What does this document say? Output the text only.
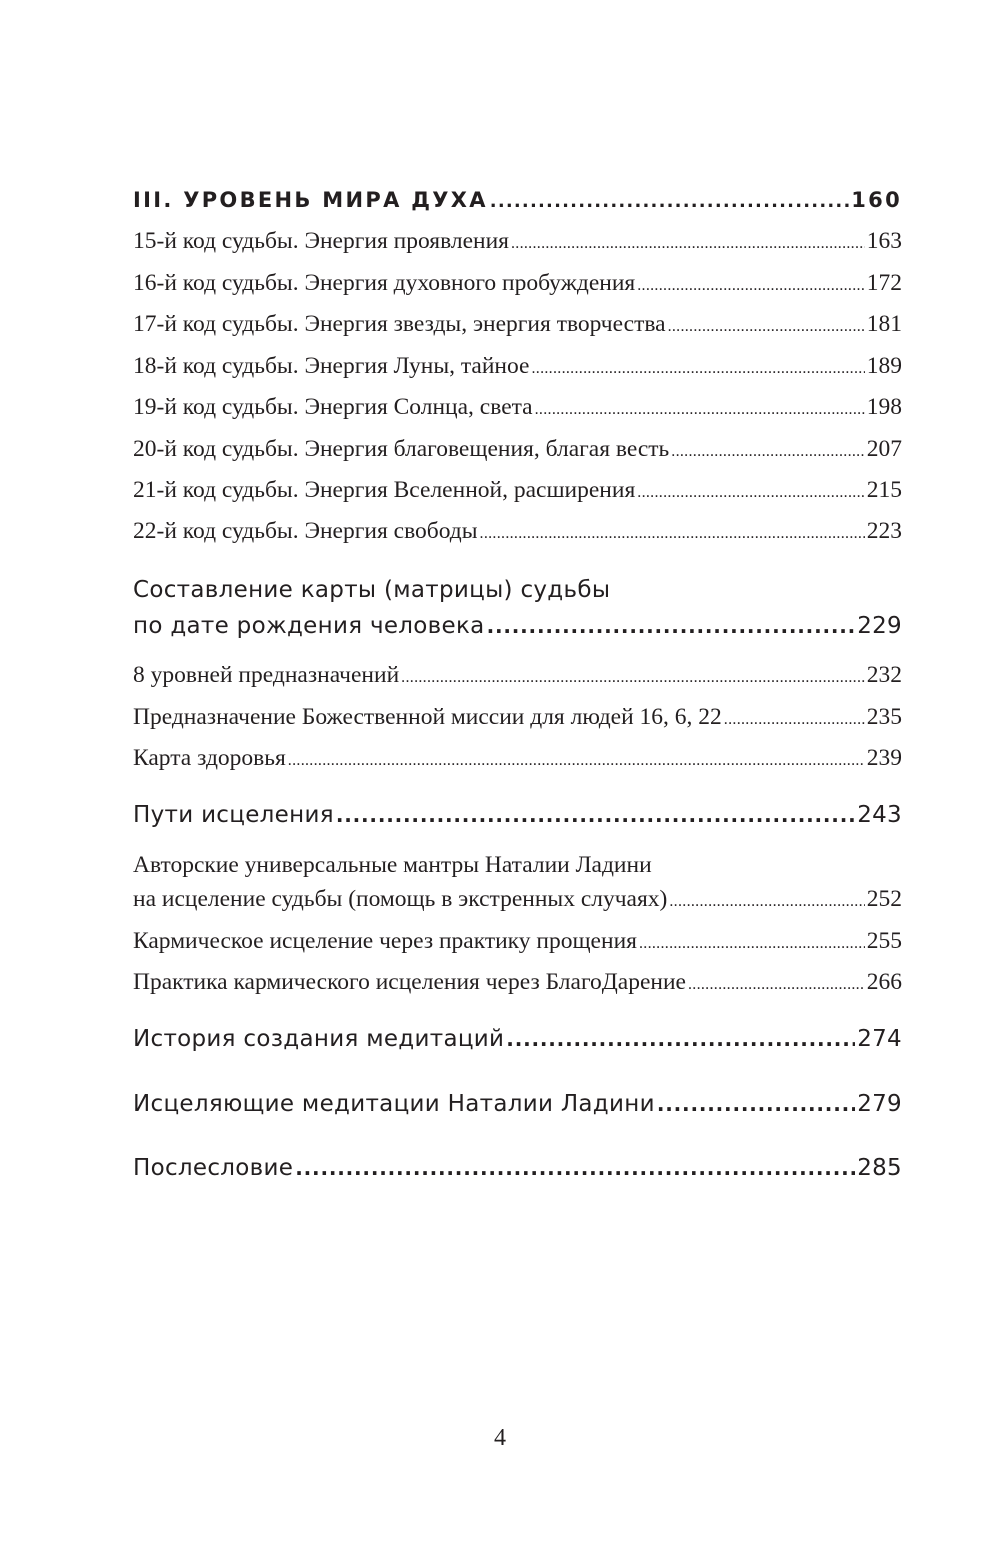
III. УРОВЕНЬ МИРА ДУХА .....	160
15-й код судьбы. Энергия проявления .....	163
16-й код судьбы. Энергия духовного пробуждения .....	172
17-й код судьбы. Энергия звезды, энергия творчества .....	181
18-й код судьбы. Энергия Луны, тайное .....	189
19-й код судьбы. Энергия Солнца, света .....	198
20-й код судьбы. Энергия благовещения, благая весть .....	207
21-й код судьбы. Энергия Вселенной, расширения .....	215
22-й код судьбы. Энергия свободы .....	223
Составление карты (матрицы) судьбы
по дате рождения человека .....	229
8 уровней предназначений .....	232
Предназначение Божественной миссии для людей 16, 6, 22 .....	235
Карта здоровья .....	239
Пути исцеления .....	243
Авторские универсальные мантры Наталии Ладини
на исцеление судьбы (помощь в экстренных случаях) .....	252
Кармическое исцеление через практику прощения .....	255
Практика кармического исцеления через БлагоДарение .....	266
История создания медитаций .....	274
Исцеляющие медитации Наталии Ладини .....	279
Послесловие .....	285
4
